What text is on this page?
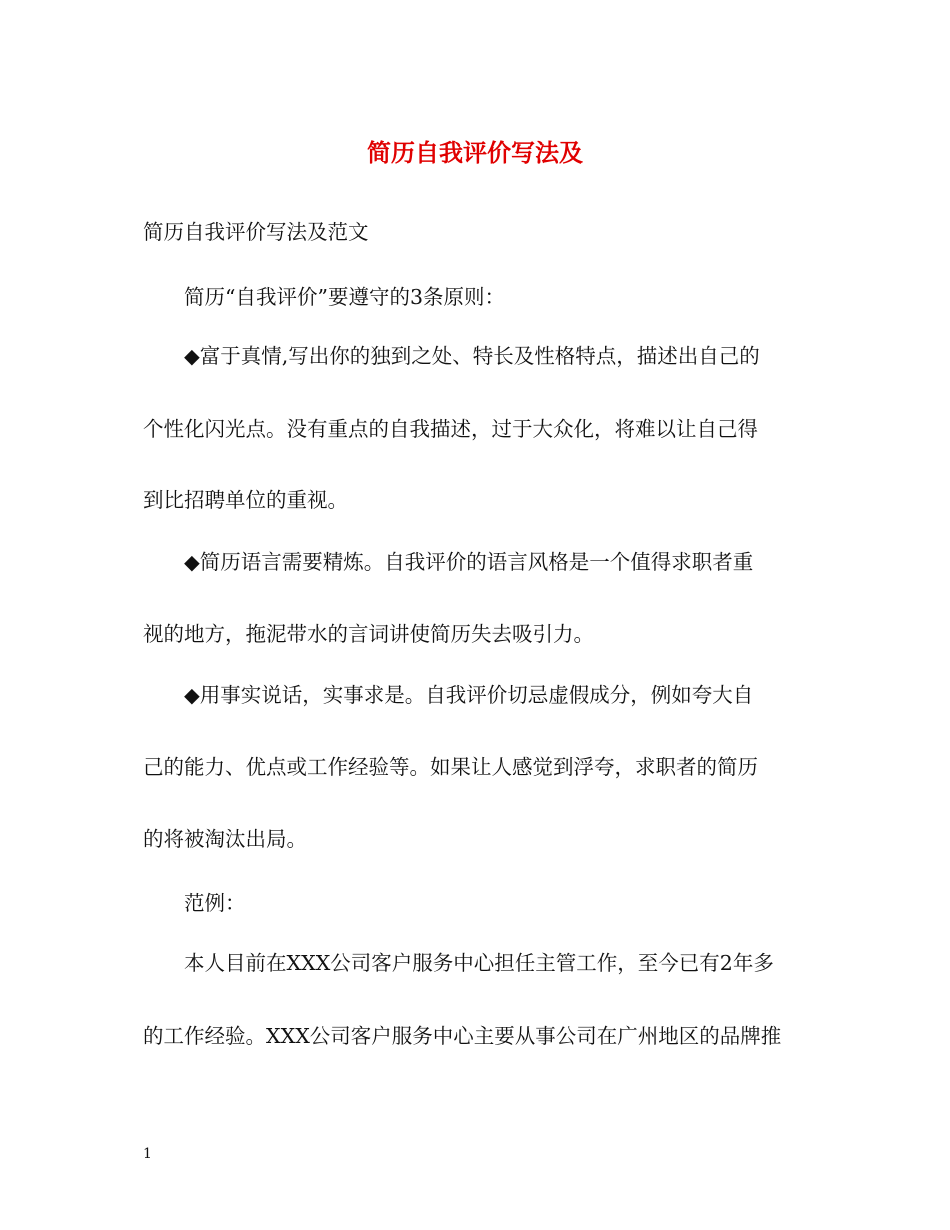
简历自我评价写法及
简历自我评价写法及范文
简历“自我评价”要遵守的3条原则：
◆富于真情,写出你的独到之处、特长及性格特点，描述出自己的
个性化闪光点。没有重点的自我描述，过于大众化，将难以让自己得
到比招聘单位的重视。
◆简历语言需要精炼。自我评价的语言风格是一个值得求职者重
视的地方，拖泥带水的言词讲使简历失去吸引力。
◆用事实说话，实事求是。自我评价切忌虚假成分，例如夸大自
己的能力、优点或工作经验等。如果让人感觉到浮夸，求职者的简历
的将被淘汰出局。
范例：
本人目前在XXX公司客户服务中心担任主管工作，至今已有2年多
的工作经验。XXX公司客户服务中心主要从事公司在广州地区的品牌推
1
